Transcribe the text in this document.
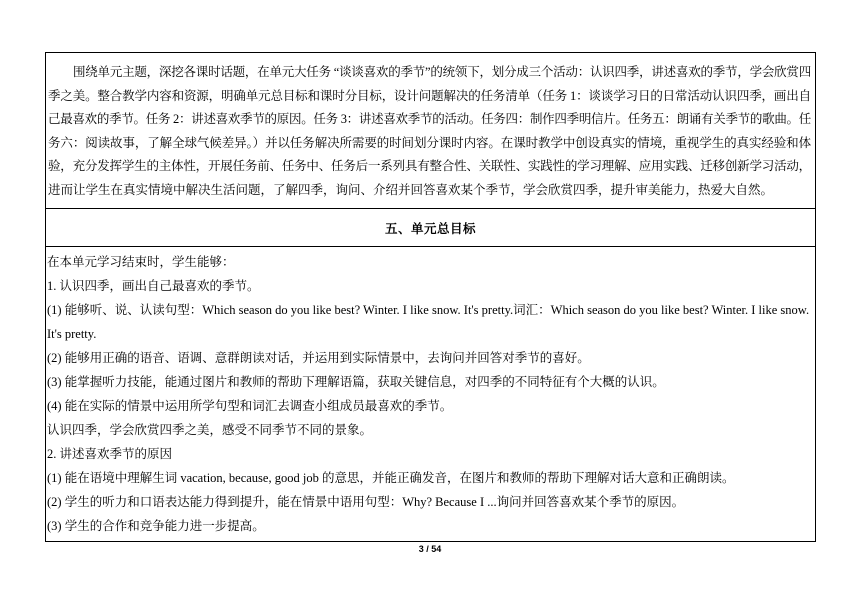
围绕单元主题，深挖各课时话题，在单元大任务 “谈谈喜欢的季节”的统领下，划分成三个活动：认识四季，讲述喜欢的季节，学会欣赏四
季之美。整合教学内容和资源，明确单元总目标和课时分目标，设计问题解决的任务清单（任务 1：谈谈学习日的日常活动认识四季，画出自
己最喜欢的季节。任务 2：讲述喜欢季节的原因。任务 3：讲述喜欢季节的活动。任务四：制作四季明信片。任务五：朗诵有关季节的歌曲。任
务六：阅读故事，了解全球气候差异。）并以任务解决所需要的时间划分课时内容。在课时教学中创设真实的情境，重视学生的真实经验和体
验，充分发挥学生的主体性，开展任务前、任务中、任务后一系列具有整合性、关联性、实践性的学习理解、应用实践、迁移创新学习活动，
进而让学生在真实情境中解决生活问题，了解四季，询问、介绍并回答喜欢某个季节，学会欣赏四季，提升审美能力，热爱大自然。
五、单元总目标
在本单元学习结束时，学生能够：
1. 认识四季，画出自己最喜欢的季节。
(1) 能够听、说、认读句型：Which season do you like best? Winter. I like snow. It's pretty.词汇：Which season do you like best? Winter. I like snow.
It's pretty.
(2) 能够用正确的语音、语调、意群朗读对话，并运用到实际情景中，去询问并回答对季节的喜好。
(3) 能掌握听力技能，能通过图片和教师的帮助下理解语篇，获取关键信息，对四季的不同特征有个大概的认识。
(4) 能在实际的情景中运用所学句型和词汇去调查小组成员最喜欢的季节。
认识四季，学会欣赏四季之美，感受不同季节不同的景象。
2. 讲述喜欢季节的原因
(1) 能在语境中理解生词 vacation, because, good job 的意思，并能正确发音，在图片和教师的帮助下理解对话大意和正确朗读。
(2) 学生的听力和口语表达能力得到提升，能在情景中语用句型：Why? Because I ...询问并回答喜欢某个季节的原因。
(3) 学生的合作和竞争能力进一步提高。
3 / 54
